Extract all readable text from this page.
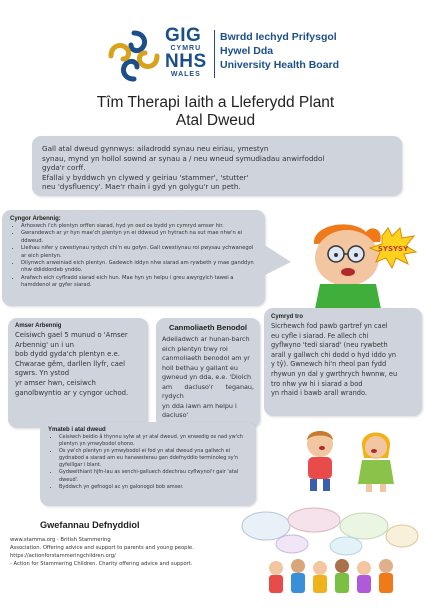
GIG
CYMRU
NHS
WALES
Bwrdd Iechyd Prifysgol
Hywel Dda
University Health Board
Tîm Therapi Iaith a Lleferydd Plant
Atal Dweud
Gall atal dweud gynnwys: ailadrodd synau neu eiriau, ymestyn
synau, mynd yn hollol sownd ar synau a / neu wneud symudiadau anwirfoddol
gyda'r corff.
Efallai y byddwch yn clywed y geiriau 'stammer', 'stutter'
neu 'dysfluency'. Mae'r rhain i gyd yn golygu'r un peth.
Cyngor Arbennig:
• Arhoswch i'ch plentyn orffen siarad, hyd yn oed os bydd yn cymryd amser hir.
• Gwrandewch ar yr hyn mae'ch plentyn yn ei ddweud yn hytrach na sut mae nhw'n ei ddweud.
• Lleihau nifer y cwestiynau rydych chi'n eu gofyn. Gall cwestiynau roi pwysau ychwanegol ar eich plentyn.
• Dilynwch arweiniad eich plentyn. Gadewch iddyn nhw siarad am rywbeth y mae ganddyn nhw ddiddordeb ynddo.
• Arafwch eich cyflradd siarad eich hun. Mae hyn yn helpu i greu awyrgylch tawel a hamddenol ar gyfer siarad.
SYSYSY
Amser Arbennig
Ceisiwch gael 5 munud o 'Amser
Arbennig' un i un
bob dydd gyda'ch plentyn e.e.
Chwarae gêm, darllen llyfr, cael
sgwrs. Yn ystod
yr amser hwn, ceisiwch
ganolbwyntio ar y cyngor uchod.
Canmoliaeth Benodol
Adeiladwch ar hunan-barch
eich plentyn trwy roi
canmoliaeth benodol am yr
holl bethau y gallant eu
gwneud yn dda, e.e. 'Diolch
am dacluso'r teganau, rydych
yn dda iawn am helpu i
dacluso'
Cymryd tro
Sicrhewch fod pawb gartref yn cael
eu cyfle i siarad. Fe allech chi
gyflwyno 'tedi siarad' (neu rywbeth
arall y gallwch chi dodd o hyd iddo yn
y tŷ). Gwnewch hi'n rheol pan fydd
rhywun yn dal y gwrthrych hwnnw, eu
tro nhw yw hi i siarad a bod
yn rhaid i bawb arall wrando.
Ymateb i atal dweud
• Ceisiwch beidio â thynnu sylw at yr atal dweud, yn enwedig os nad yw'ch plentyn yn ymwybodol ohono.
• Os yw'ch plentyn yn ymwybodol ei fod yn atal dweud yna gallwch ei gydnabod a siarad am eu hanawsterau gan ddefnyddio terminoleg sy'n gyfeillgar i blant.
• Gydweithiant hjfn-lau as senchi-galluech ddechrau cyflwynoi'r gair 'atal dweud'.
• Byddwch yn gefnogol ac yn galonogol bob amser.
Gwefannau Defnyddiol
www.stamma.org - British Stammering
Association. Offering advice and support to parents and young people.
https://actionforstammeringchildren.org/
- Action for Stammering Children. Charity offering advice and support.
